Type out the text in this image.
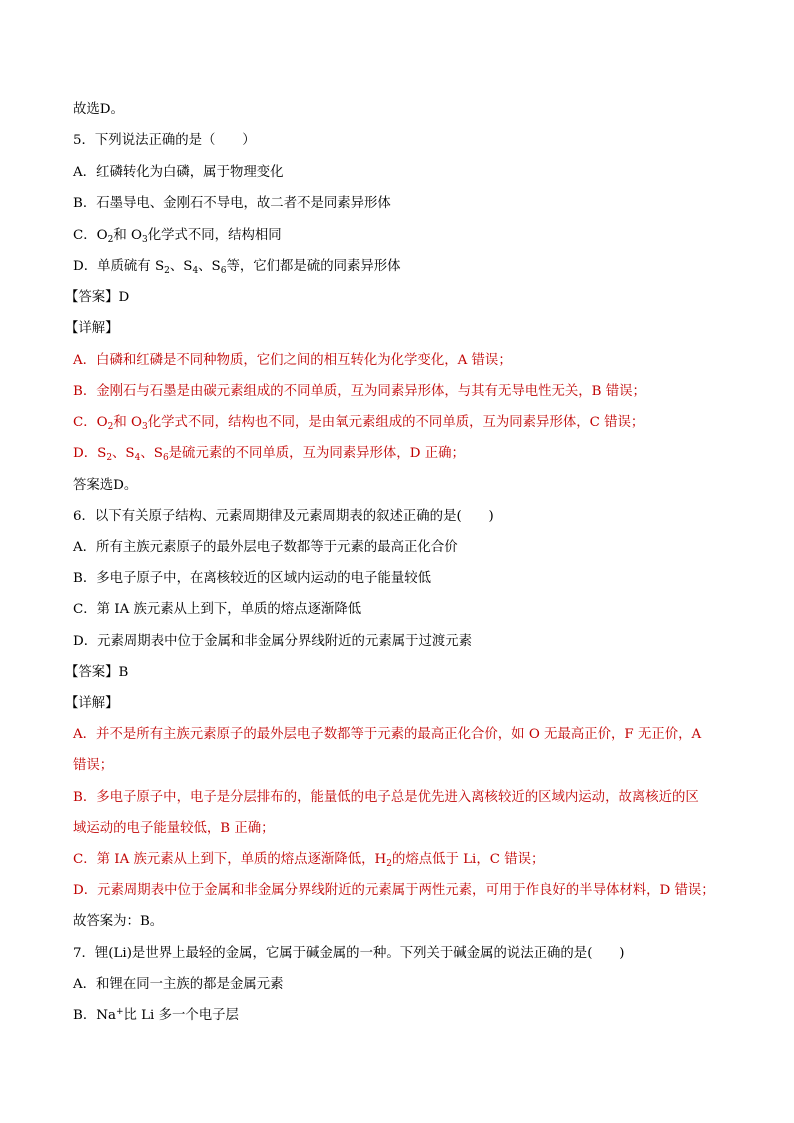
故选D。
5．下列说法正确的是（　　）
A．红磷转化为白磷，属于物理变化
B．石墨导电、金刚石不导电，故二者不是同素异形体
C．$O_2$和 $O_3$化学式不同，结构相同
D．单质硫有 $S_2$、$S_4$、$S_6$等，它们都是硫的同素异形体
【答案】D
【详解】
A．白磷和红磷是不同种物质，它们之间的相互转化为化学变化，A 错误；
B．金刚石与石墨是由碳元素组成的不同单质，互为同素异形体，与其有无导电性无关，B 错误；
C．$O_2$和 $O_3$化学式不同，结构也不同，是由氧元素组成的不同单质，互为同素异形体，C 错误；
D．$S_2$、$S_4$、$S_6$是硫元素的不同单质，互为同素异形体，D 正确；
答案选D。
6．以下有关原子结构、元素周期律及元素周期表的叙述正确的是(　　)
A．所有主族元素原子的最外层电子数都等于元素的最高正化合价
B．多电子原子中，在离核较近的区域内运动的电子能量较低
C．第 IA 族元素从上到下，单质的熔点逐渐降低
D．元素周期表中位于金属和非金属分界线附近的元素属于过渡元素
【答案】B
【详解】
A．并不是所有主族元素原子的最外层电子数都等于元素的最高正化合价，如 O 无最高正价，F 无正价，A
错误；
B．多电子原子中，电子是分层排布的，能量低的电子总是优先进入离核较近的区域内运动，故离核近的区
域运动的电子能量较低，B 正确；
C．第 IA 族元素从上到下，单质的熔点逐渐降低，$H_2$的熔点低于 Li，C 错误；
D．元素周期表中位于金属和非金属分界线附近的元素属于两性元素，可用于作良好的半导体材料，D 错误；
故答案为：B。
7．锂(Li)是世界上最轻的金属，它属于碱金属的一种。下列关于碱金属的说法正确的是(　　)
A．和锂在同一主族的都是金属元素
B．Na+比 Li 多一个电子层
